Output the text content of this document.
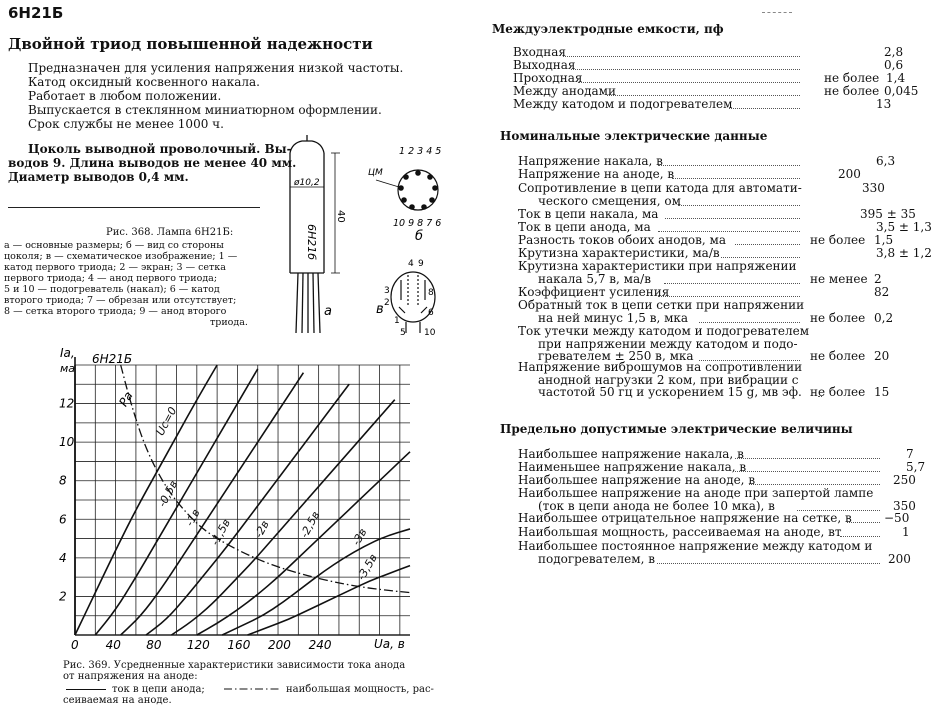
6Н21Б
Двойной триод повышенной надежности
Предназначен для усиления напряжения низкой частоты.
Катод оксидный косвенного накала.
Работает в любом положении.
Выпускается в стеклянном миниатюрном оформлении.
Срок службы не менее 1000 ч.
Цоколь выводной проволочный. Вы-
водов 9. Длина выводов не менее 40 мм.
Диаметр выводов 0,4 мм.
Рис. 368. Лампа 6Н21Б:
а — основные размеры; б — вид со стороны
цоколя; в — схематическое изображение; 1 —
катод первого триода; 2 — экран; 3 — сетка
первого триода; 4 — анод первого триода;
5 и 10 — подогреватель (накал); 6 — катод
второго триода; 7 — обрезан или отсутствует;
8 — сетка второго триода; 9 — анод второго
триода.
ø10,2
40
6Н21б
а
1 2 3 4 5
10 9 8 7 6
ЦМ
б
4 9
3
2
8
5 10
1
6
в
Uc=0
-0,5в
-1в -1,5в -2в -2,5в -3в
-3,5в
Pa
0 40 80 120 160 200 240
2
4
6
8
10
12
6Н21Б
Iа,
ма
Uа, в
Рис. 369. Усредненные характеристики зависимости тока анода
от напряжения на аноде:
ток в цепи анода;	наибольшая мощность, рас-
сеиваемая на аноде.
Междуэлектродные емкости, пф
Входная	2,8
Выходная	0,6
Проходная	не более 1,4
Между анодами	не более 0,045
Между катодом и подогревателем	13
Номинальные электрические данные
Напряжение накала, в	6,3
Напряжение на аноде, в	200
Сопротивление в цепи катода для автомати-
ческого смещения, ом
330
Ток в цепи накала, ма	395 ± 35
Ток в цепи анода, ма	3,5 ± 1,3
Разность токов обоих анодов, ма	не более 1,5
Крутизна характеристики, ма/в	3,8 ± 1,2
Крутизна характеристики при напряжении
накала 5,7 в, ма/в	не менее 2
Коэффициент усиления	82
Обратный ток в цепи сетки при напряжении
на ней минус 1,5 в, мка	не более 0,2
Ток утечки между катодом и подогревателем
при напряжении между катодом и подо-
гревателем ± 250 в, мка	не более 20
Напряжение виброшумов на сопротивлении
анодной нагрузки 2 ком, при вибрации с
частотой 50 гц и ускорением 15 g, мв эф. не более 15
Предельно допустимые электрические величины
Наибольшее напряжение накала, в	7
Наименьшее напряжение накала, в	5,7
Наибольшее напряжение на аноде, в	250
Наибольшее напряжение на аноде при запертой лампе
(ток в цепи анода не более 10 мка), в	350
Наибольшее отрицательное напряжение на сетке, в	−50
Наибольшая мощность, рассеиваемая на аноде, вт	1
Наибольшее постоянное напряжение между катодом и
подогревателем, в	200
